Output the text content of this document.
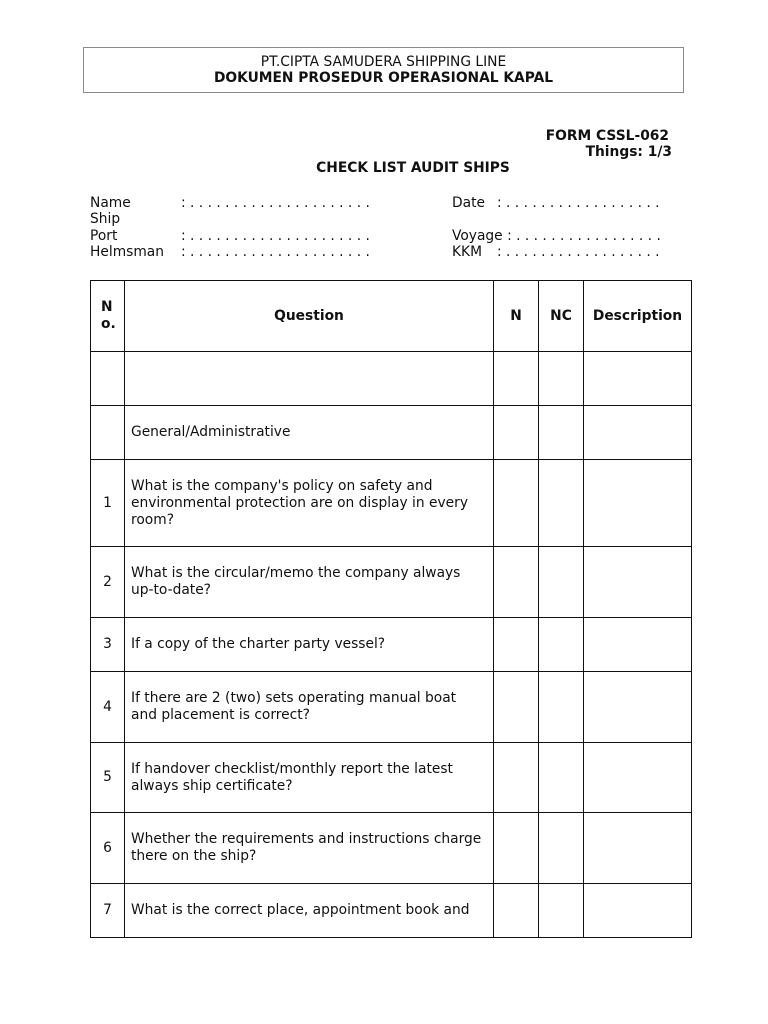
PT.CIPTA SAMUDERA SHIPPING LINE
DOKUMEN PROSEDUR OPERASIONAL KAPAL
FORM CSSL-062
Things: 1/3
CHECK LIST AUDIT SHIPS
Name	: . . . . . . . . . . . . . . . . . . . . .
Ship
Port	: . . . . . . . . . . . . . . . . . . . . .
Helmsman : . . . . . . . . . . . . . . . . . . . . .
Date : . . . . . . . . . . . . . . . . . .
Voyage : . . . . . . . . . . . . . . . . .
KKM : . . . . . . . . . . . . . . . . . .
No.	Question	N	NC	Description

	General/Administrative			
1	What is the company's policy on safety and
environmental protection are on display in every
room?			

2	What is the circular/memo the company always
up-to-date?			

3	If a copy of the charter party vessel?			

4	If there are 2 (two) sets operating manual boat
and placement is correct?			

5	If handover checklist/monthly report the latest
always ship certificate?			

6	Whether the requirements and instructions charge
there on the ship?			

7	What is the correct place, appointment book and			
